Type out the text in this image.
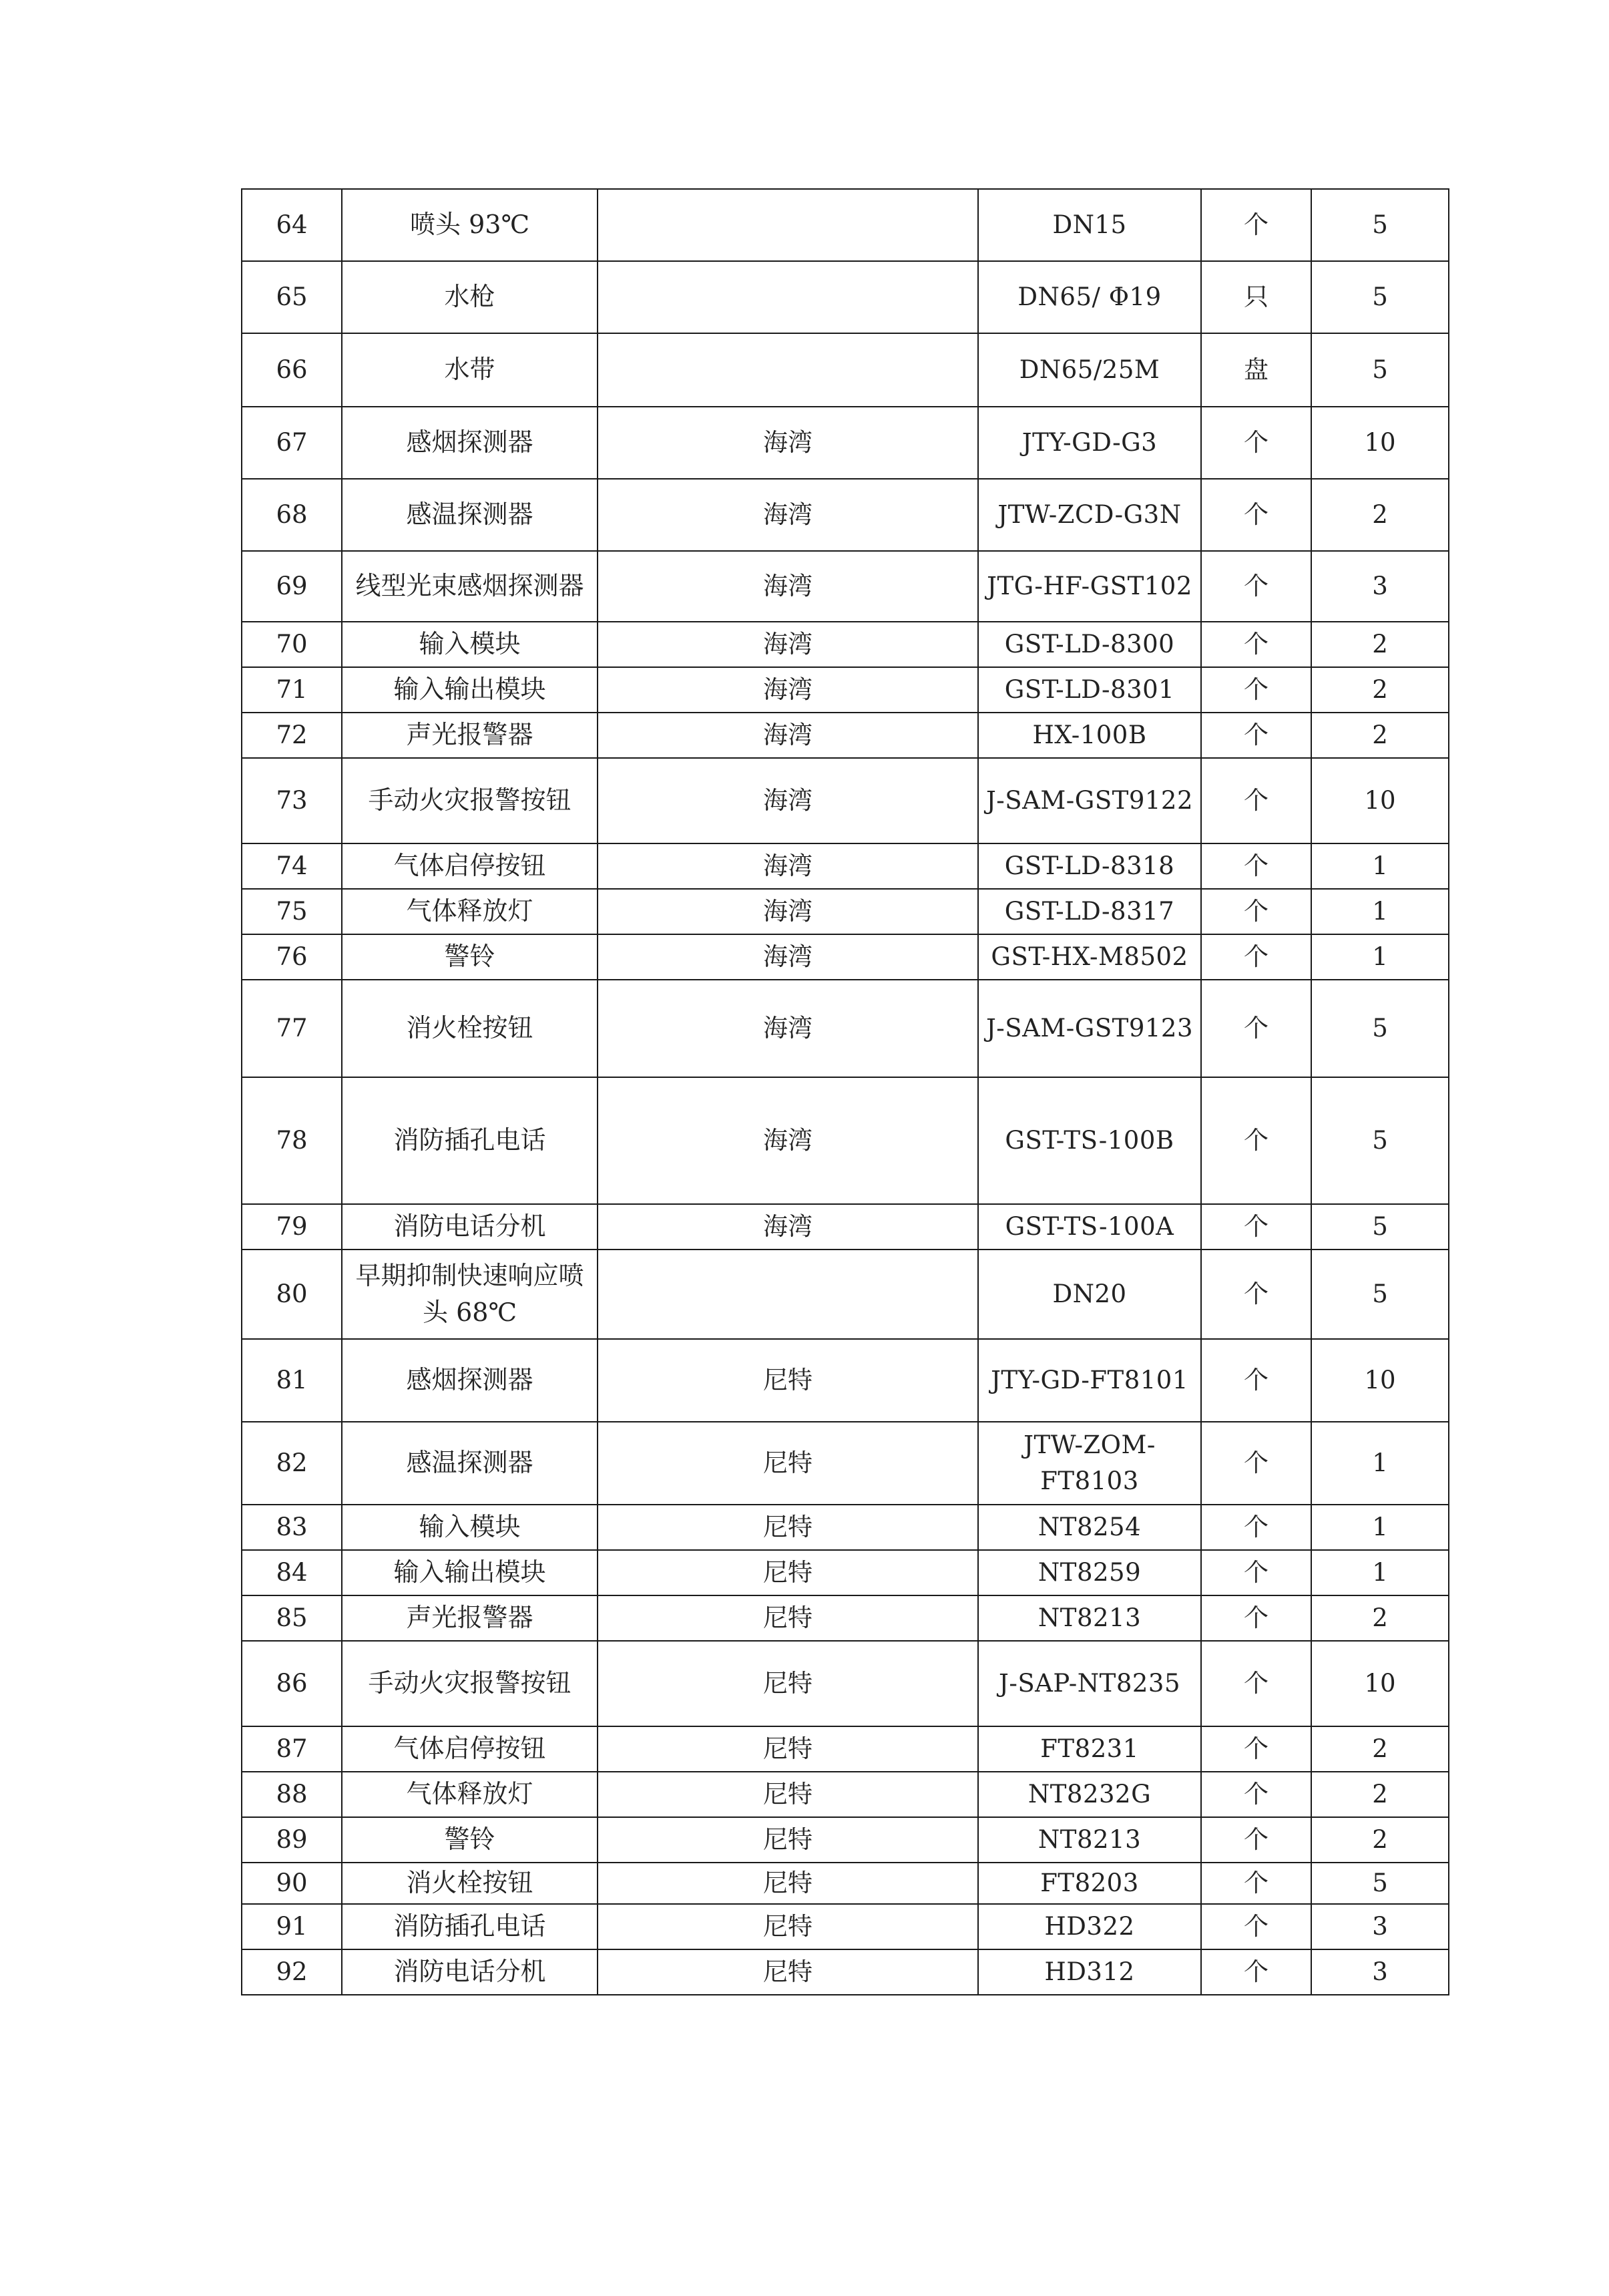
64	喷头 93℃		DN15	个	5
65	水枪		DN65/ Φ19	只	5
66	水带		DN65/25M	盘	5
67	感烟探测器	海湾	JTY-GD-G3	个	10
68	感温探测器	海湾	JTW-ZCD-G3N	个	2
69	线型光束感烟探测器	海湾	JTG-HF-GST102	个	3
70	输入模块	海湾	GST-LD-8300	个	2
71	输入输出模块	海湾	GST-LD-8301	个	2
72	声光报警器	海湾	HX-100B	个	2
73	手动火灾报警按钮	海湾	J-SAM-GST9122	个	10
74	气体启停按钮	海湾	GST-LD-8318	个	1
75	气体释放灯	海湾	GST-LD-8317	个	1
76	警铃	海湾	GST-HX-M8502	个	1
77	消火栓按钮	海湾	J-SAM-GST9123	个	5
78	消防插孔电话	海湾	GST-TS-100B	个	5
79	消防电话分机	海湾	GST-TS-100A	个	5
80	早期抑制快速响应喷头 68℃		DN20	个	5
81	感烟探测器	尼特	JTY-GD-FT8101	个	10
82	感温探测器	尼特	JTW-ZOM-FT8103	个	1
83	输入模块	尼特	NT8254	个	1
84	输入输出模块	尼特	NT8259	个	1
85	声光报警器	尼特	NT8213	个	2
86	手动火灾报警按钮	尼特	J-SAP-NT8235	个	10
87	气体启停按钮	尼特	FT8231	个	2
88	气体释放灯	尼特	NT8232G	个	2
89	警铃	尼特	NT8213	个	2
90	消火栓按钮	尼特	FT8203	个	5
91	消防插孔电话	尼特	HD322	个	3
92	消防电话分机	尼特	HD312	个	3
